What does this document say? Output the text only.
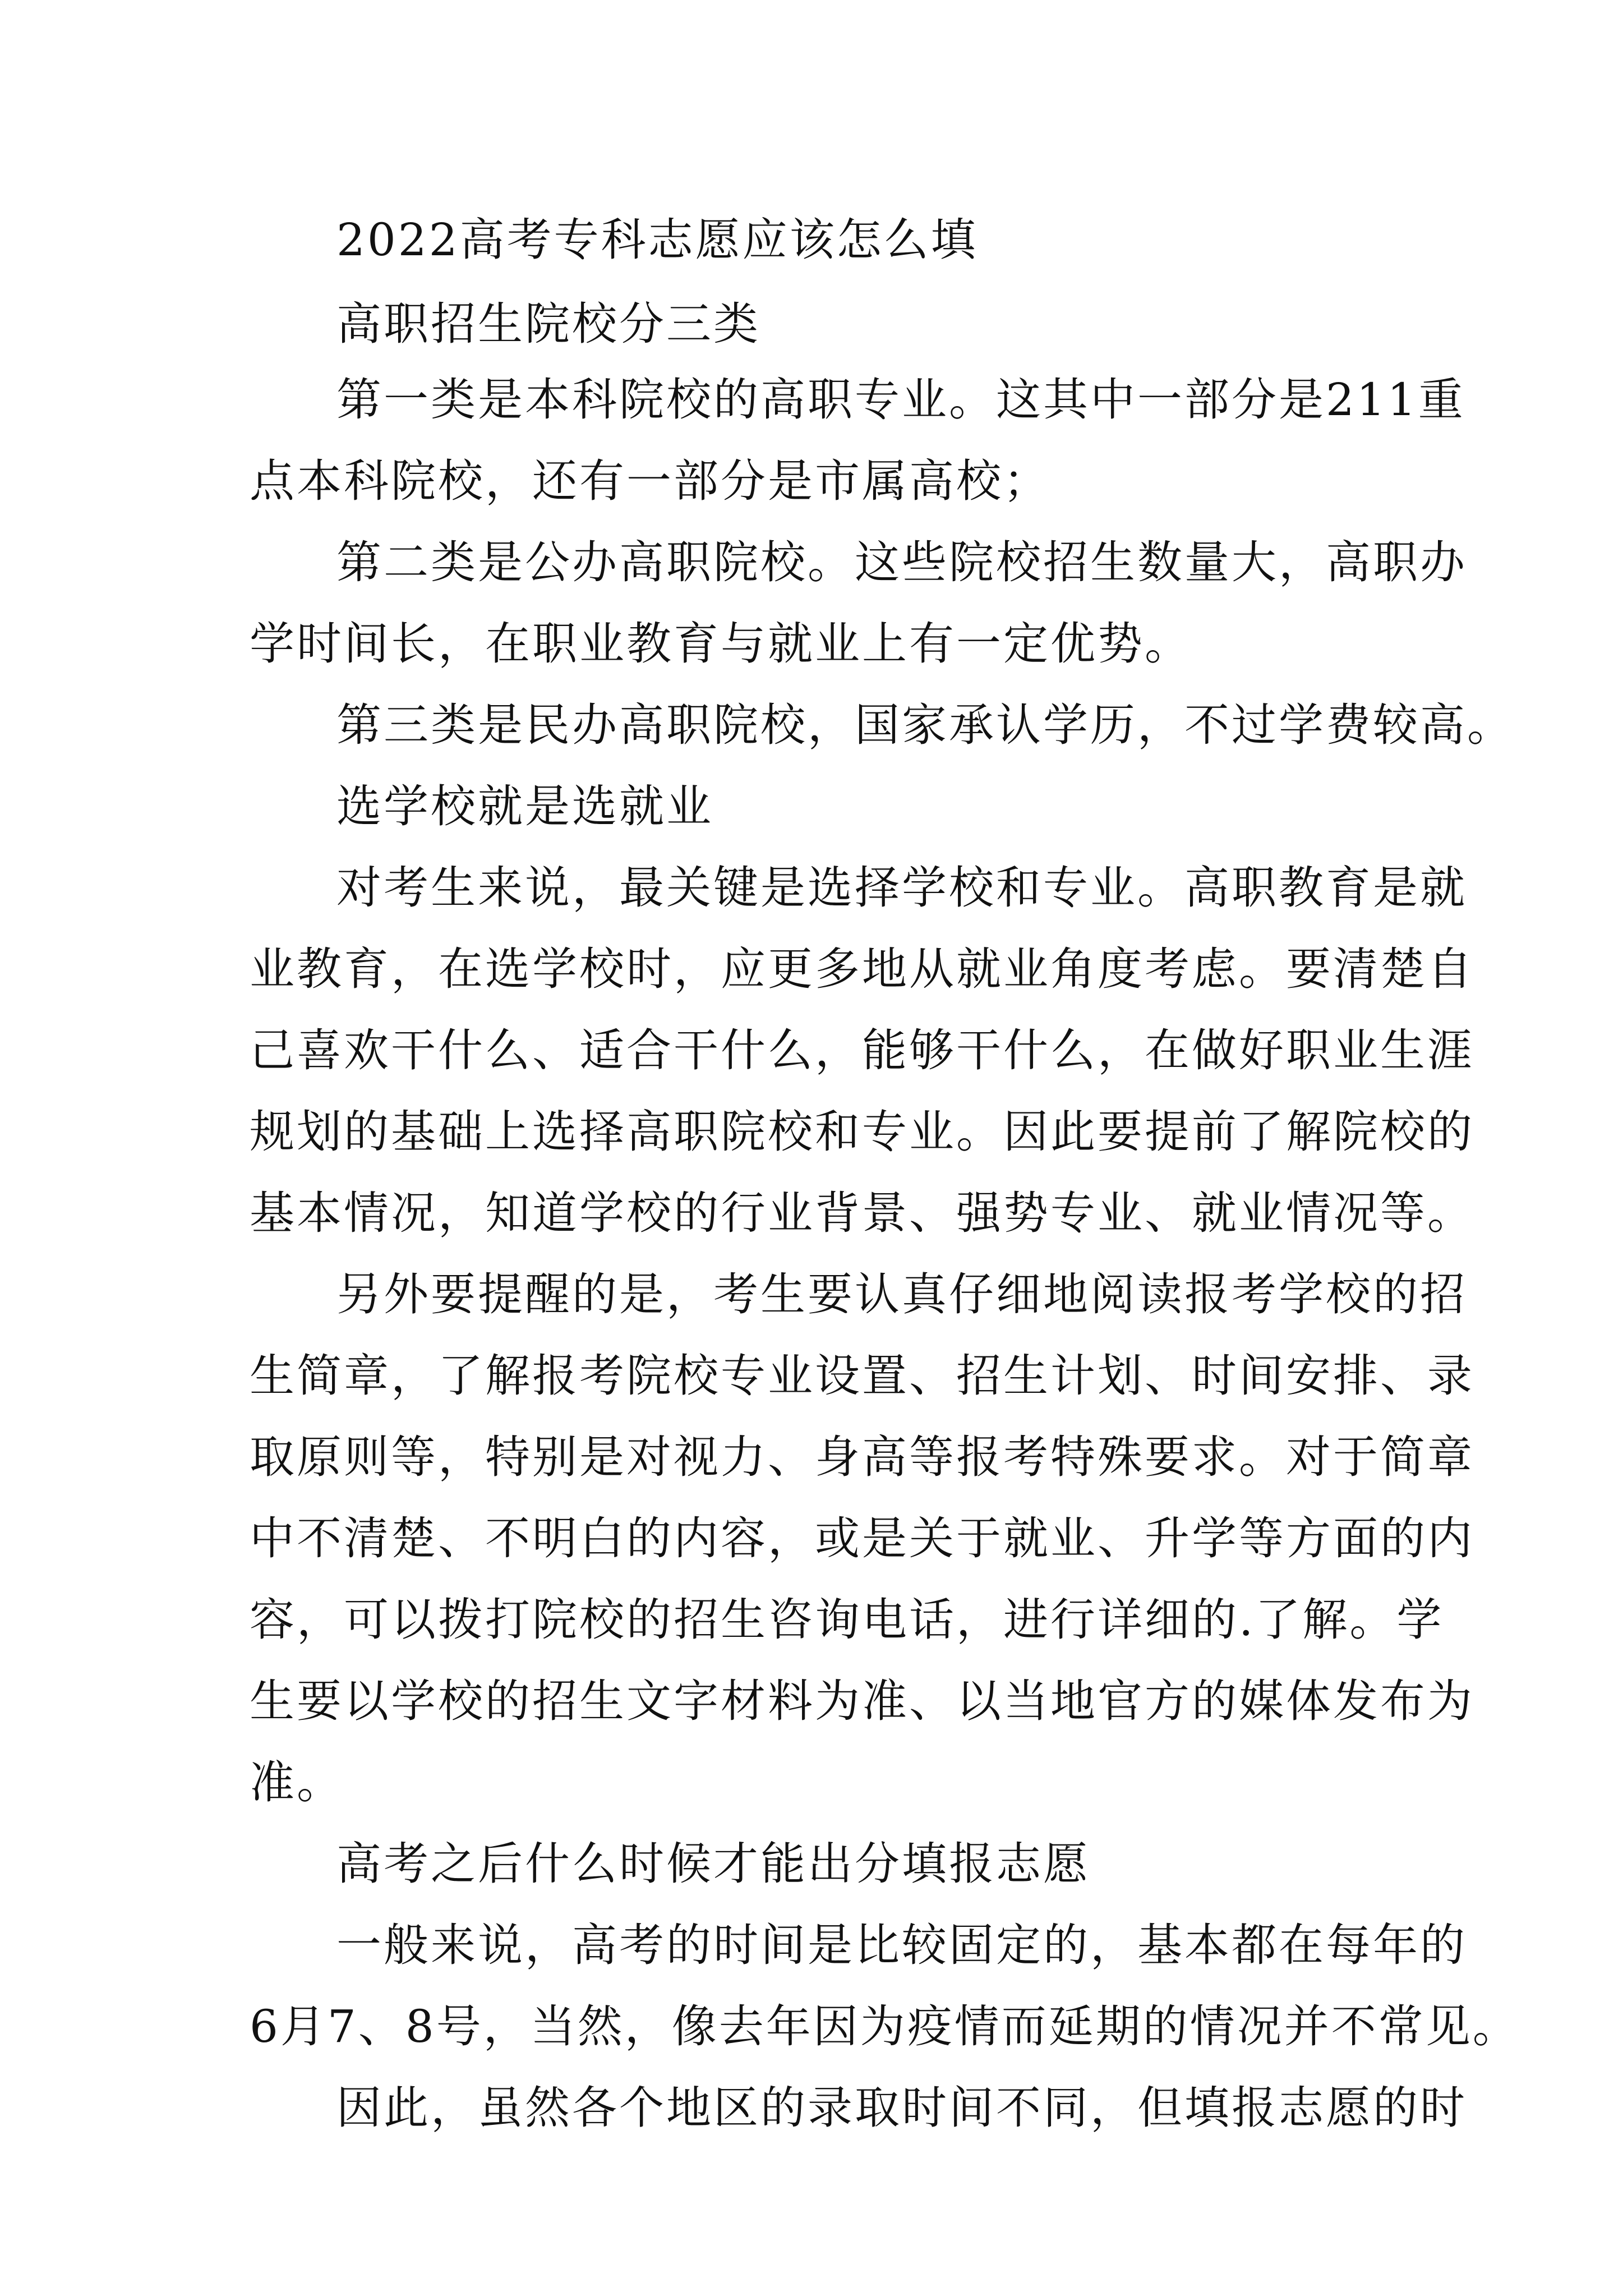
2022高考专科志愿应该怎么填

高职招生院校分三类

第一类是本科院校的高职专业。这其中一部分是211重

点本科院校，还有一部分是市属高校；

第二类是公办高职院校。这些院校招生数量大，高职办

学时间长，在职业教育与就业上有一定优势。

第三类是民办高职院校，国家承认学历，不过学费较高。

选学校就是选就业

对考生来说，最关键是选择学校和专业。高职教育是就

业教育，在选学校时，应更多地从就业角度考虑。要清楚自

己喜欢干什么、适合干什么，能够干什么，在做好职业生涯

规划的基础上选择高职院校和专业。因此要提前了解院校的

基本情况，知道学校的行业背景、强势专业、就业情况等。

另外要提醒的是，考生要认真仔细地阅读报考学校的招

生简章，了解报考院校专业设置、招生计划、时间安排、录

取原则等，特别是对视力、身高等报考特殊要求。对于简章

中不清楚、不明白的内容，或是关于就业、升学等方面的内

容，可以拨打院校的招生咨询电话，进行详细的.了解。学

生要以学校的招生文字材料为准、以当地官方的媒体发布为

准。

高考之后什么时候才能出分填报志愿

一般来说，高考的时间是比较固定的，基本都在每年的

6月7、8号，当然，像去年因为疫情而延期的情况并不常见。

因此，虽然各个地区的录取时间不同，但填报志愿的时
